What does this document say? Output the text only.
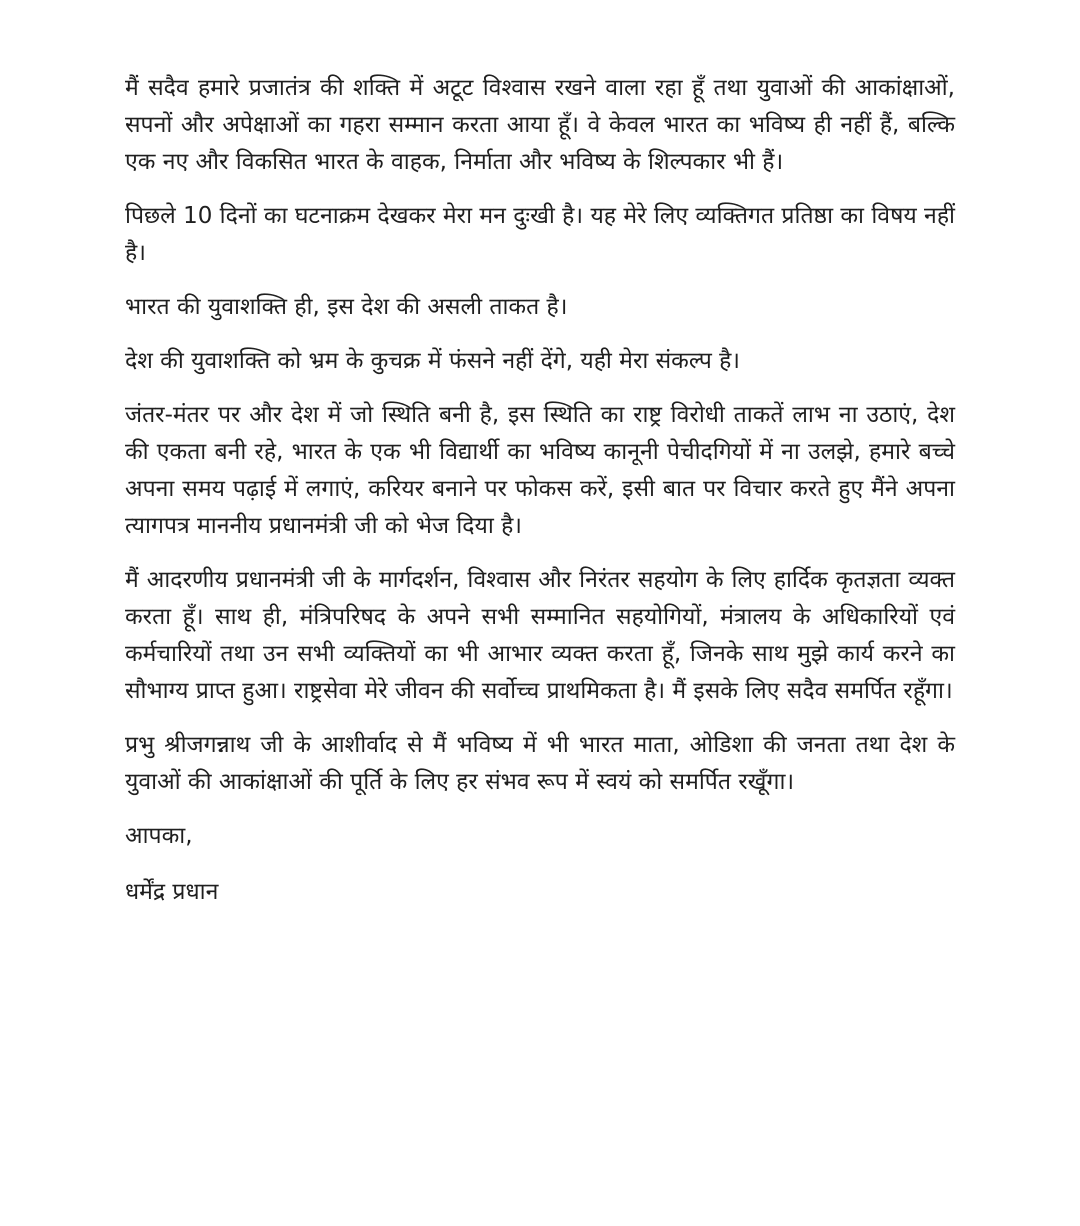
मैं सदैव हमारे प्रजातंत्र की शक्ति में अटूट विश्वास रखने वाला रहा हूँ तथा युवाओं की आकांक्षाओं, सपनों और अपेक्षाओं का गहरा सम्मान करता आया हूँ। वे केवल भारत का भविष्य ही नहीं हैं, बल्कि एक नए और विकसित भारत के वाहक, निर्माता और भविष्य के शिल्पकार भी हैं।

पिछले 10 दिनों का घटनाक्रम देखकर मेरा मन दुःखी है। यह मेरे लिए व्यक्तिगत प्रतिष्ठा का विषय नहीं है।

भारत की युवाशक्ति ही, इस देश की असली ताकत है।

देश की युवाशक्ति को भ्रम के कुचक्र में फंसने नहीं देंगे, यही मेरा संकल्प है।

जंतर-मंतर पर और देश में जो स्थिति बनी है, इस स्थिति का राष्ट्र विरोधी ताकतें लाभ ना उठाएं, देश की एकता बनी रहे, भारत के एक भी विद्यार्थी का भविष्य कानूनी पेचीदगियों में ना उलझे, हमारे बच्चे अपना समय पढ़ाई में लगाएं, करियर बनाने पर फोकस करें, इसी बात पर विचार करते हुए मैंने अपना त्यागपत्र माननीय प्रधानमंत्री जी को भेज दिया है।

मैं आदरणीय प्रधानमंत्री जी के मार्गदर्शन, विश्वास और निरंतर सहयोग के लिए हार्दिक कृतज्ञता व्यक्त करता हूँ। साथ ही, मंत्रिपरिषद के अपने सभी सम्मानित सहयोगियों, मंत्रालय के अधिकारियों एवं कर्मचारियों तथा उन सभी व्यक्तियों का भी आभार व्यक्त करता हूँ, जिनके साथ मुझे कार्य करने का सौभाग्य प्राप्त हुआ। राष्ट्रसेवा मेरे जीवन की सर्वोच्च प्राथमिकता है। मैं इसके लिए सदैव समर्पित रहूँगा।

प्रभु श्रीजगन्नाथ जी के आशीर्वाद से मैं भविष्य में भी भारत माता, ओडिशा की जनता तथा देश के युवाओं की आकांक्षाओं की पूर्ति के लिए हर संभव रूप में स्वयं को समर्पित रखूँगा।

आपका,

धर्मेंद्र प्रधान
